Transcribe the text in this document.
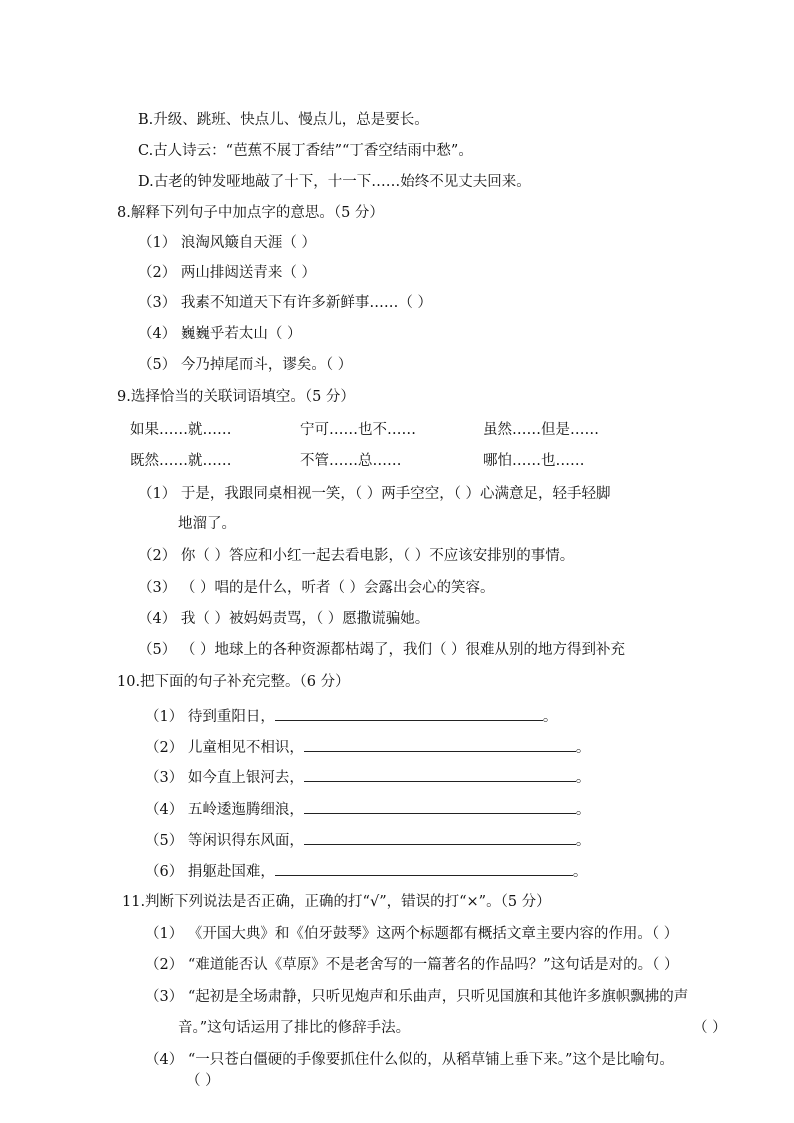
B.升级、跳班、快点儿、慢点儿，总是要长。
C.古人诗云：“芭蕉不展丁香结”“丁香空结雨中愁”。
D.古老的钟发哑地敲了十下，十一下……始终不见丈夫回来。
8.解释下列句子中加点字的意思。（5 分）
（1） 浪淘风簸自天涯（ ）
（2） 两山排闼送青来（ ）
（3） 我素不知道天下有许多新鲜事……（ ）
（4） 巍巍乎若太山（ ）
（5） 今乃掉尾而斗，谬矣。（ ）
9.选择恰当的关联词语填空。（5 分）
如果……就……	宁可……也不……	虽然……但是……
既然……就……	不管……总……	哪怕……也……
（1） 于是，我跟同桌相视一笑，（ ）两手空空，（ ）心满意足，轻手轻脚
地溜了。
（2） 你（ ）答应和小红一起去看电影，（ ）不应该安排别的事情。
（3） （ ）唱的是什么，听者（ ）会露出会心的笑容。
（4） 我（ ）被妈妈责骂，（ ）愿撒谎骗她。
（5） （ ）地球上的各种资源都枯竭了，我们（ ）很难从别的地方得到补充
10.把下面的句子补充完整。（6 分）
（1） 待到重阳日，	。
（2） 儿童相见不相识，	。
（3） 如今直上银河去，	。
（4） 五岭逶迤腾细浪，	。
（5） 等闲识得东风面，	。
（6） 捐躯赴国难，	。
11.判断下列说法是否正确，正确的打“√”，错误的打“×”。（5 分）
（1） 《开国大典》和《伯牙鼓琴》这两个标题都有概括文章主要内容的作用。（ ）
（2） “难道能否认《草原》不是老舍写的一篇著名的作品吗？”这句话是对的。（ ）
（3） “起初是全场肃静，只听见炮声和乐曲声，只听见国旗和其他许多旗帜飘拂的声
音。”这句话运用了排比的修辞手法。	（ ）
（4） “一只苍白僵硬的手像要抓住什么似的，从稻草铺上垂下来。”这个是比喻句。
（ ）
